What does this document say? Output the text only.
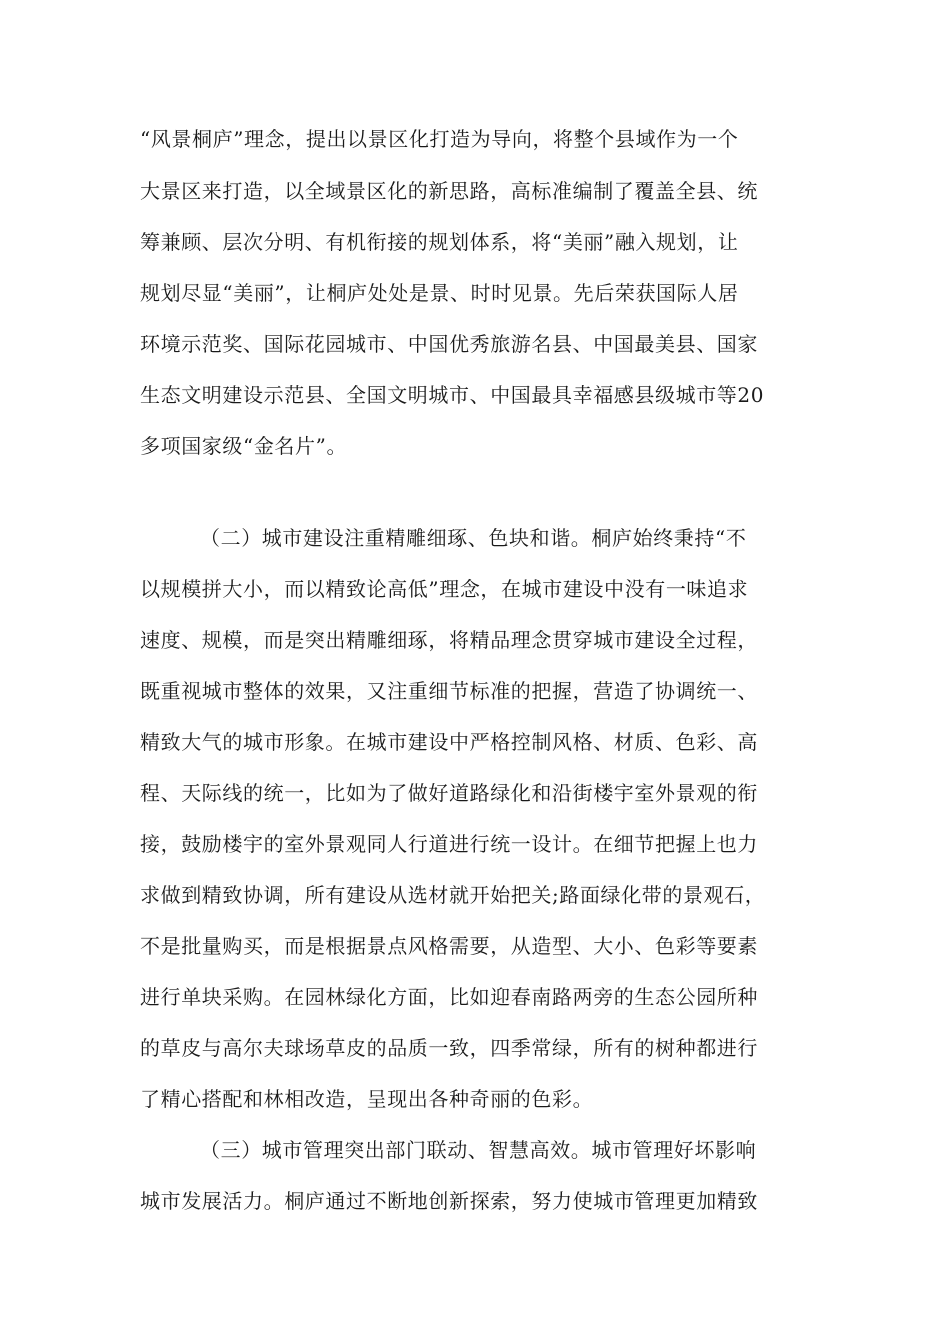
“风景桐庐”理念，提出以景区化打造为导向，将整个县域作为一个

大景区来打造，以全域景区化的新思路，高标准编制了覆盖全县、统

筹兼顾、层次分明、有机衔接的规划体系，将“美丽”融入规划，让

规划尽显“美丽”，让桐庐处处是景、时时见景。先后荣获国际人居

环境示范奖、国际花园城市、中国优秀旅游名县、中国最美县、国家

生态文明建设示范县、全国文明城市、中国最具幸福感县级城市等20

多项国家级“金名片”。

（二）城市建设注重精雕细琢、色块和谐。桐庐始终秉持“不

以规模拼大小，而以精致论高低”理念，在城市建设中没有一味追求

速度、规模，而是突出精雕细琢，将精品理念贯穿城市建设全过程，

既重视城市整体的效果，又注重细节标准的把握，营造了协调统一、

精致大气的城市形象。在城市建设中严格控制风格、材质、色彩、高

程、天际线的统一，比如为了做好道路绿化和沿街楼宇室外景观的衔

接，鼓励楼宇的室外景观同人行道进行统一设计。在细节把握上也力

求做到精致协调，所有建设从选材就开始把关;路面绿化带的景观石，

不是批量购买，而是根据景点风格需要，从造型、大小、色彩等要素

进行单块采购。在园林绿化方面，比如迎春南路两旁的生态公园所种

的草皮与高尔夫球场草皮的品质一致，四季常绿，所有的树种都进行

了精心搭配和林相改造，呈现出各种奇丽的色彩。

（三）城市管理突出部门联动、智慧高效。城市管理好坏影响

城市发展活力。桐庐通过不断地创新探索，努力使城市管理更加精致
